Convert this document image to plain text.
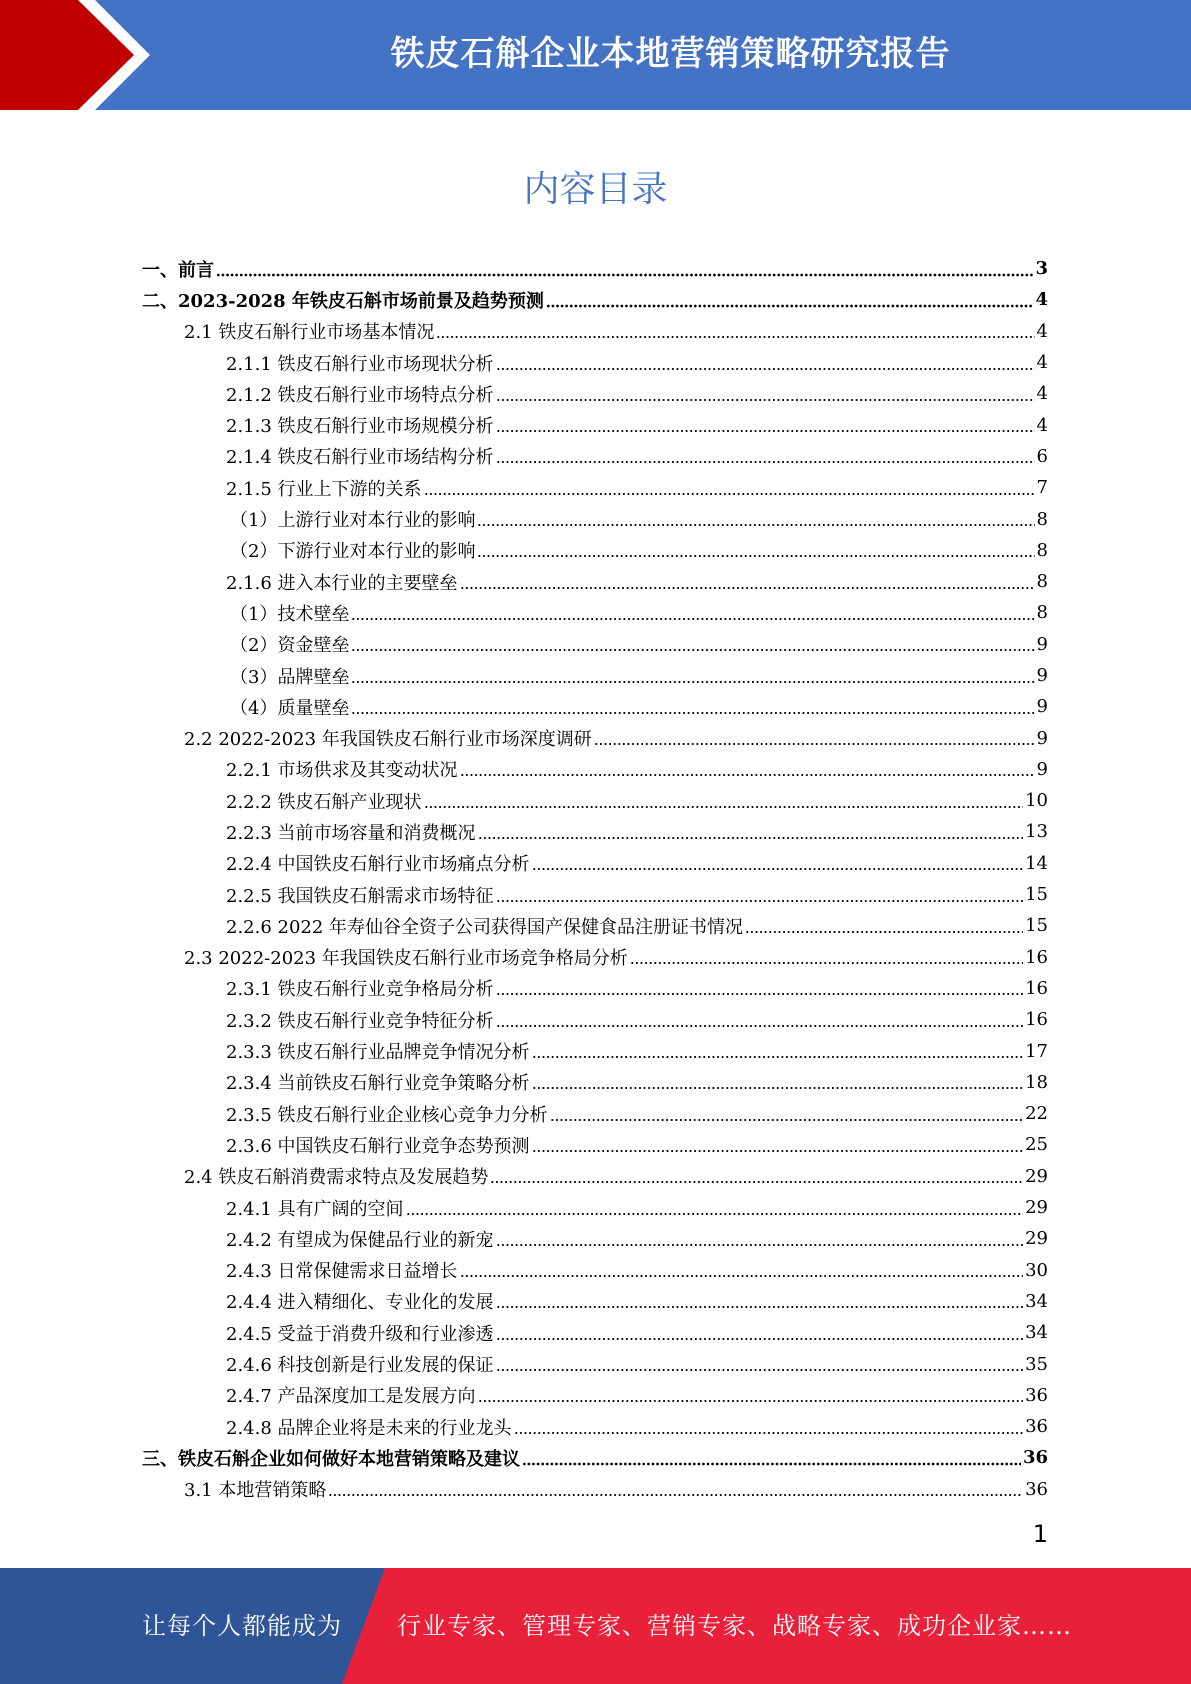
铁皮石斛企业本地营销策略研究报告
内容目录
一、前言	3
二、2023-2028 年铁皮石斛市场前景及趋势预测	4
2.1 铁皮石斛行业市场基本情况	4
2.1.1 铁皮石斛行业市场现状分析	4
2.1.2 铁皮石斛行业市场特点分析	4
2.1.3 铁皮石斛行业市场规模分析	4
2.1.4 铁皮石斛行业市场结构分析	6
2.1.5 行业上下游的关系	7
（1）上游行业对本行业的影响	8
（2）下游行业对本行业的影响	8
2.1.6 进入本行业的主要壁垒	8
（1）技术壁垒	8
（2）资金壁垒	9
（3）品牌壁垒	9
（4）质量壁垒	9
2.2 2022-2023 年我国铁皮石斛行业市场深度调研	9
2.2.1 市场供求及其变动状况	9
2.2.2 铁皮石斛产业现状	10
2.2.3 当前市场容量和消费概况	13
2.2.4 中国铁皮石斛行业市场痛点分析	14
2.2.5 我国铁皮石斛需求市场特征	15
2.2.6 2022 年寿仙谷全资子公司获得国产保健食品注册证书情况	15
2.3 2022-2023 年我国铁皮石斛行业市场竞争格局分析	16
2.3.1 铁皮石斛行业竞争格局分析	16
2.3.2 铁皮石斛行业竞争特征分析	16
2.3.3 铁皮石斛行业品牌竞争情况分析	17
2.3.4 当前铁皮石斛行业竞争策略分析	18
2.3.5 铁皮石斛行业企业核心竞争力分析	22
2.3.6 中国铁皮石斛行业竞争态势预测	25
2.4 铁皮石斛消费需求特点及发展趋势	29
2.4.1 具有广阔的空间	29
2.4.2 有望成为保健品行业的新宠	29
2.4.3 日常保健需求日益增长	30
2.4.4 进入精细化、专业化的发展	34
2.4.5 受益于消费升级和行业渗透	34
2.4.6 科技创新是行业发展的保证	35
2.4.7 产品深度加工是发展方向	36
2.4.8 品牌企业将是未来的行业龙头	36
三、铁皮石斛企业如何做好本地营销策略及建议	36
3.1 本地营销策略	36
1
让每个人都能成为 行业专家、管理专家、营销专家、战略专家、成功企业家……
